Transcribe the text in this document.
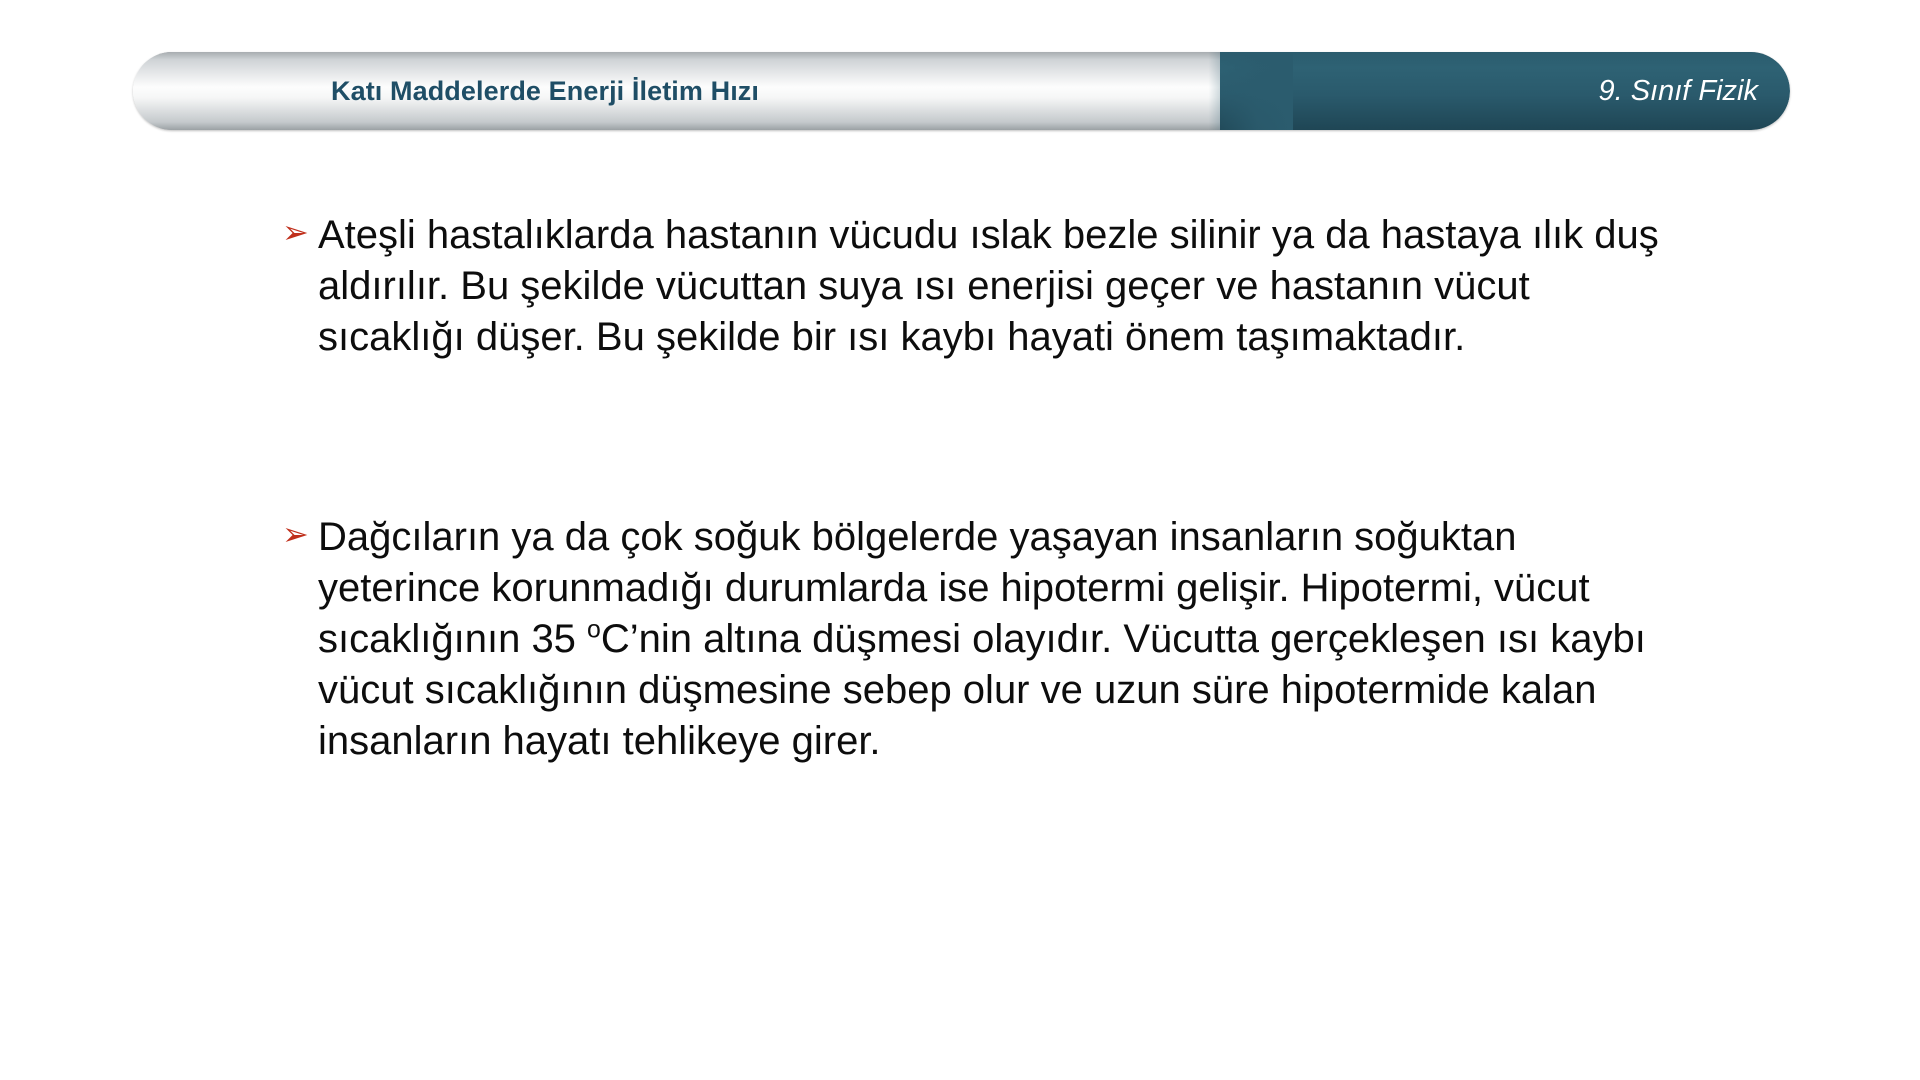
Katı Maddelerde Enerji İletim Hızı	9. Sınıf Fizik
➢ Ateşli hastalıklarda hastanın vücudu ıslak bezle silinir ya da hastaya ılık duş aldırılır. Bu şekilde vücuttan suya ısı enerjisi geçer ve hastanın vücut sıcaklığı düşer. Bu şekilde bir ısı kaybı hayati önem taşımaktadır.
➢ Dağcıların ya da çok soğuk bölgelerde yaşayan insanların soğuktan yeterince korunmadığı durumlarda ise hipotermi gelişir. Hipotermi, vücut sıcaklığının 35 $^o$C’nin altına düşmesi olayıdır. Vücutta gerçekleşen ısı kaybı vücut sıcaklığının düşmesine sebep olur ve uzun süre hipotermide kalan insanların hayatı tehlikeye girer.
